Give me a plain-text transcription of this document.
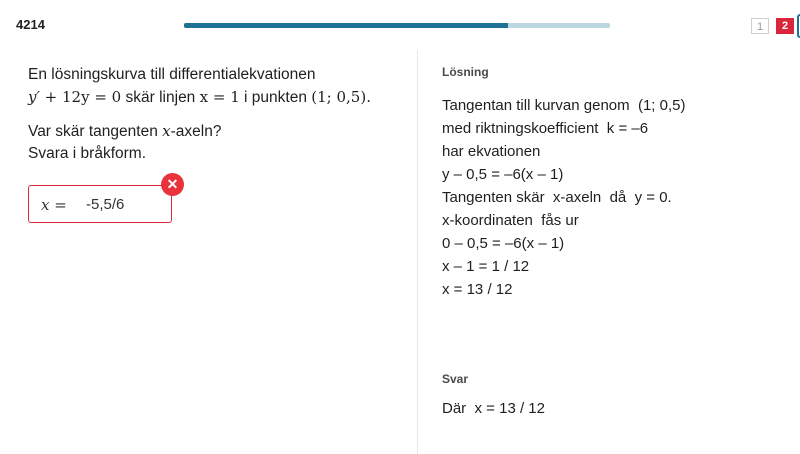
4214	1	2

En lösningskurva till differentialekvationen

y′ + 12y = 0 skär linjen x = 1 i punkten (1; 0,5).

Var skär tangenten x-axeln?

Svara i bråkform.

x = -5,5/6
✕
Lösning
Tangentan till kurvan genom  (1; 0,5)
med riktningskoefficient  k = –6
har ekvationen
y – 0,5 = –6(x – 1)
Tangenten skär  x-axeln  då  y = 0.
x-koordinaten  fås ur
0 – 0,5 = –6(x – 1)
x – 1 = 1 / 12
x = 13 / 12
Svar
Där  x = 13 / 12
